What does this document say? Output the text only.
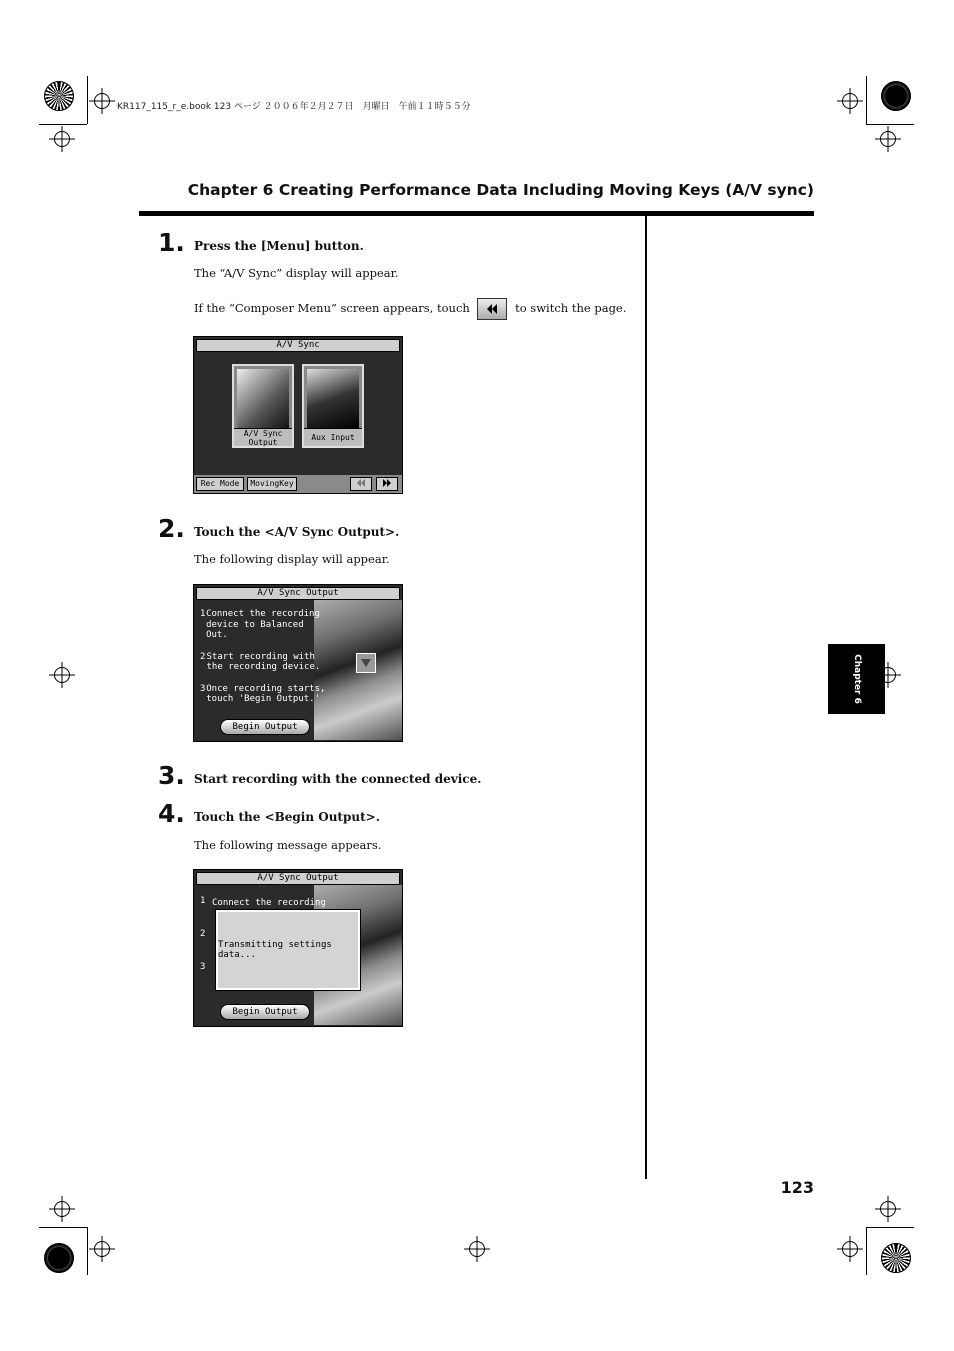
KR117_115_r_e.book 123 ページ ２００６年２月２７日　月曜日　午前１１時５５分
Chapter 6 Creating Performance Data Including Moving Keys (A/V sync)
Chapter 6
1. Press the [Menu] button.
The “A/V Sync” display will appear.
If the “Composer Menu” screen appears, touch	to switch the page.
A/V Sync
A/V Sync Output	Aux Input
Rec Mode	MovingKey
2. Touch the <A/V Sync Output>.
The following display will appear.
A/V Sync Output
1 Connect the recording device to Balanced Out.
2 Start recording with the recording device.
3 Once recording starts, touch 'Begin Output.'
Begin Output
3. Start recording with the connected device.
4. Touch the <Begin Output>.
The following message appears.
A/V Sync Output
1 Connect the recording
2
3
Transmitting settings data...
Begin Output
123
